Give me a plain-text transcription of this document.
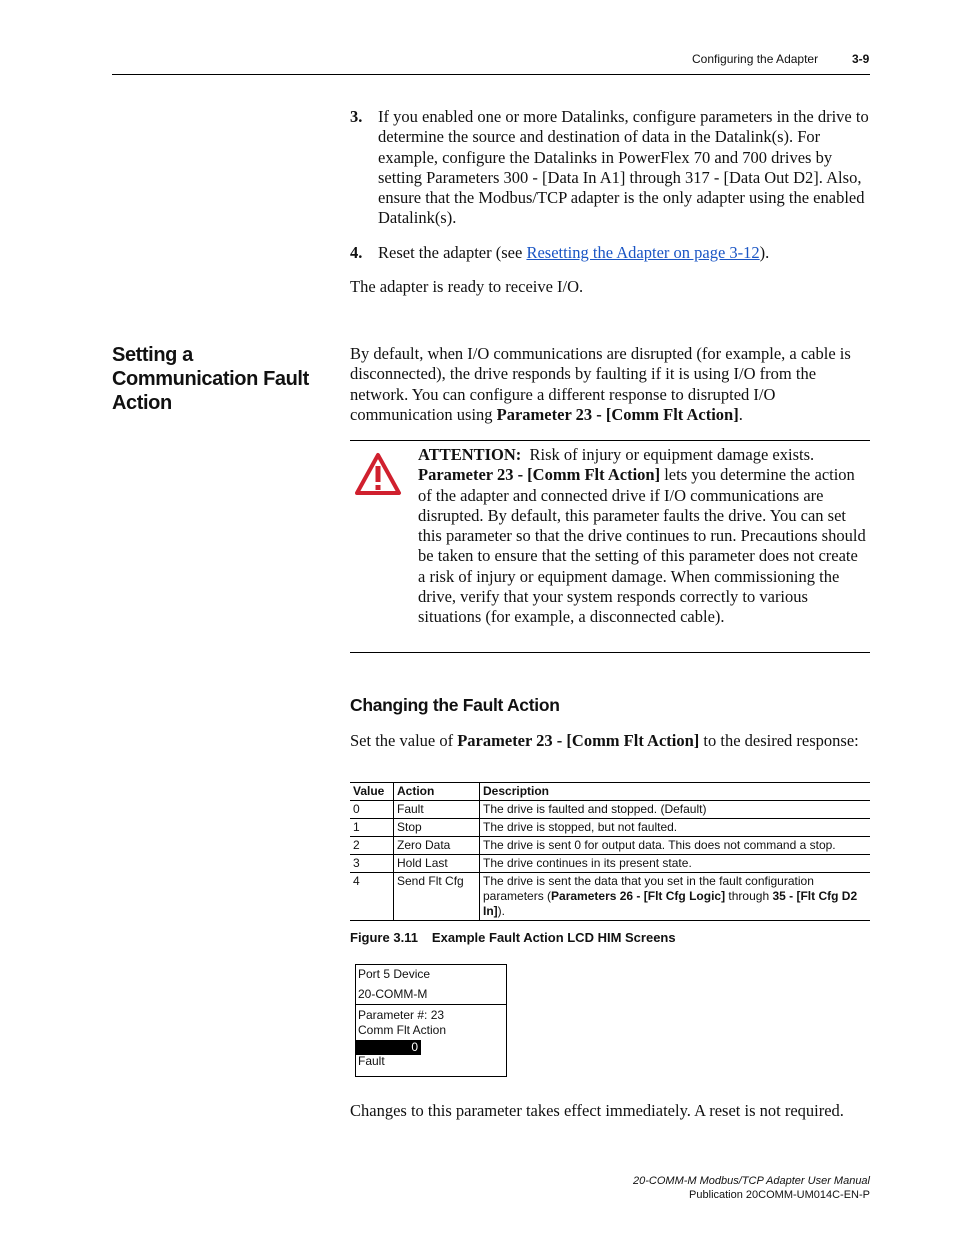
Configuring the Adapter	3-9
3. If you enabled one or more Datalinks, configure parameters in the drive to determine the source and destination of data in the Datalink(s). For example, configure the Datalinks in PowerFlex 70 and 700 drives by setting Parameters 300 - [Data In A1] through 317 - [Data Out D2]. Also, ensure that the Modbus/TCP adapter is the only adapter using the enabled Datalink(s).
4. Reset the adapter (see Resetting the Adapter on page 3-12).
The adapter is ready to receive I/O.
Setting a Communication Fault Action
By default, when I/O communications are disrupted (for example, a cable is disconnected), the drive responds by faulting if it is using I/O from the network. You can configure a different response to disrupted I/O communication using Parameter 23 - [Comm Flt Action].
ATTENTION: Risk of injury or equipment damage exists. Parameter 23 - [Comm Flt Action] lets you determine the action of the adapter and connected drive if I/O communications are disrupted. By default, this parameter faults the drive. You can set this parameter so that the drive continues to run. Precautions should be taken to ensure that the setting of this parameter does not create a risk of injury or equipment damage. When commissioning the drive, verify that your system responds correctly to various situations (for example, a disconnected cable).
Changing the Fault Action
Set the value of Parameter 23 - [Comm Flt Action] to the desired response:
Value	Action	Description
0	Fault	The drive is faulted and stopped. (Default)
1	Stop	The drive is stopped, but not faulted.
2	Zero Data	The drive is sent 0 for output data. This does not command a stop.
3	Hold Last	The drive continues in its present state.
4	Send Flt Cfg	The drive is sent the data that you set in the fault configuration parameters (Parameters 26 - [Flt Cfg Logic] through 35 - [Flt Cfg D2 In]).
Figure 3.11 Example Fault Action LCD HIM Screens
Port 5 Device
20-COMM-M
Parameter #: 23
Comm Flt Action
0
Fault
Changes to this parameter takes effect immediately. A reset is not required.
20-COMM-M Modbus/TCP Adapter User Manual
Publication 20COMM-UM014C-EN-P
